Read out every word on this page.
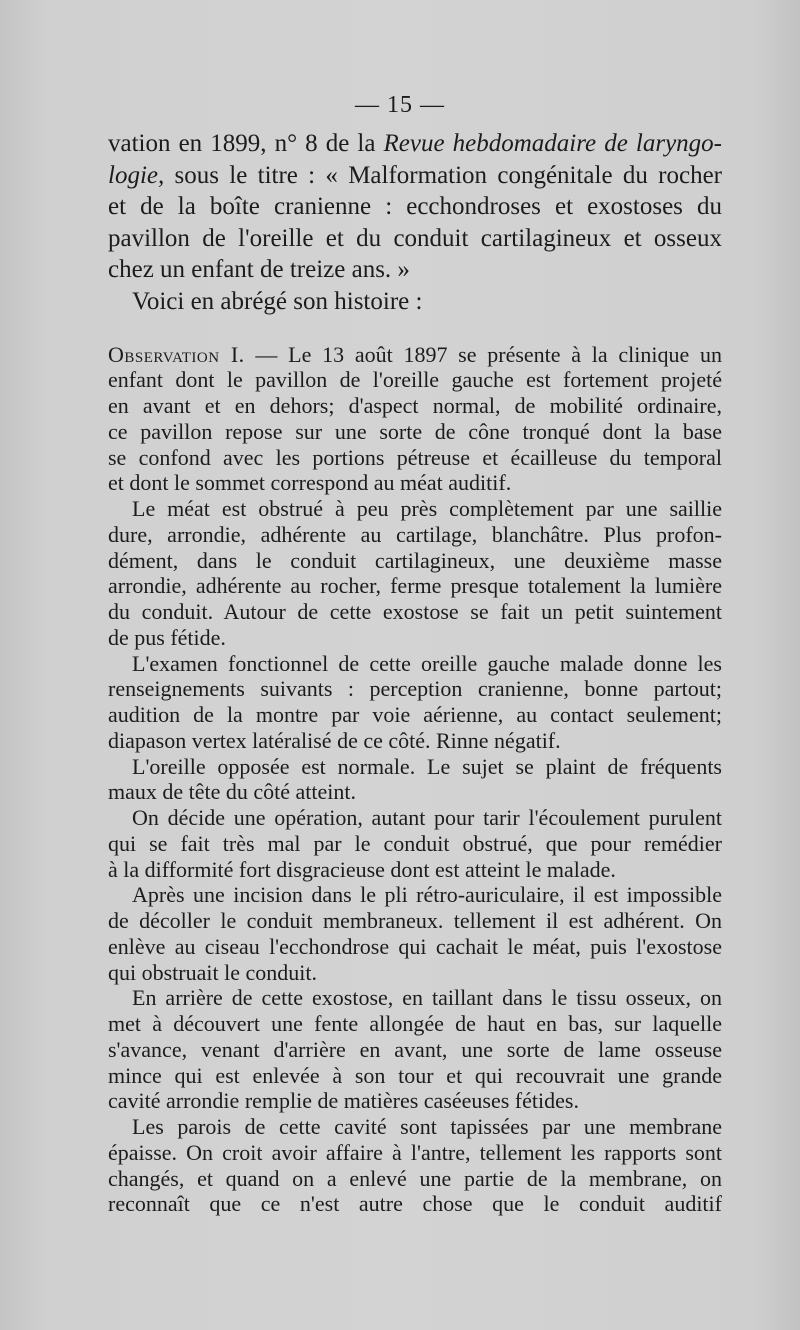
— 15 —
vation en 1899, n° 8 de la Revue hebdomadaire de laryngo-
logie, sous le titre : « Malformation congénitale du rocher
et de la boîte cranienne : ecchondroses et exostoses du
pavillon de l'oreille et du conduit cartilagineux et osseux
chez un enfant de treize ans. »
Voici en abrégé son histoire :
Observation I. — Le 13 août 1897 se présente à la clinique un
enfant dont le pavillon de l'oreille gauche est fortement projeté
en avant et en dehors; d'aspect normal, de mobilité ordinaire,
ce pavillon repose sur une sorte de cône tronqué dont la base
se confond avec les portions pétreuse et écailleuse du temporal
et dont le sommet correspond au méat auditif.
Le méat est obstrué à peu près complètement par une saillie
dure, arrondie, adhérente au cartilage, blanchâtre. Plus profon-
dément, dans le conduit cartilagineux, une deuxième masse
arrondie, adhérente au rocher, ferme presque totalement la lumière
du conduit. Autour de cette exostose se fait un petit suintement
de pus fétide.
L'examen fonctionnel de cette oreille gauche malade donne les
renseignements suivants : perception cranienne, bonne partout;
audition de la montre par voie aérienne, au contact seulement;
diapason vertex latéralisé de ce côté. Rinne négatif.
L'oreille opposée est normale. Le sujet se plaint de fréquents
maux de tête du côté atteint.
On décide une opération, autant pour tarir l'écoulement purulent
qui se fait très mal par le conduit obstrué, que pour remédier
à la difformité fort disgracieuse dont est atteint le malade.
Après une incision dans le pli rétro-auriculaire, il est impossible
de décoller le conduit membraneux. tellement il est adhérent. On
enlève au ciseau l'ecchondrose qui cachait le méat, puis l'exostose
qui obstruait le conduit.
En arrière de cette exostose, en taillant dans le tissu osseux, on
met à découvert une fente allongée de haut en bas, sur laquelle
s'avance, venant d'arrière en avant, une sorte de lame osseuse
mince qui est enlevée à son tour et qui recouvrait une grande
cavité arrondie remplie de matières caséeuses fétides.
Les parois de cette cavité sont tapissées par une membrane
épaisse. On croit avoir affaire à l'antre, tellement les rapports sont
changés, et quand on a enlevé une partie de la membrane, on
reconnaît que ce n'est autre chose que le conduit auditif
